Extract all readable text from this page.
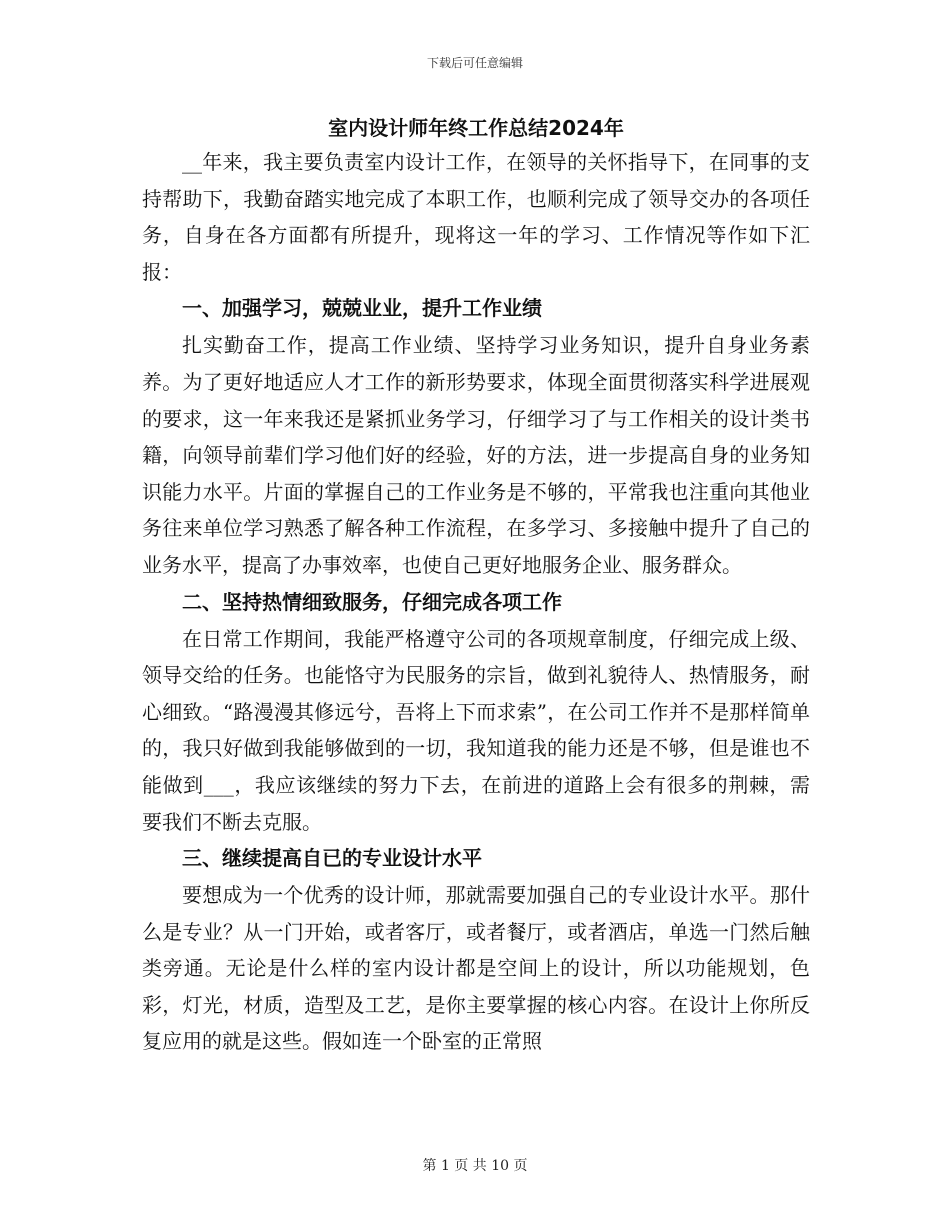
下载后可任意编辑
室内设计师年终工作总结2024年

__年来，我主要负责室内设计工作，在领导的关怀指导下，在同事的支持帮助下，我勤奋踏实地完成了本职工作，也顺利完成了领导交办的各项任务，自身在各方面都有所提升，现将这一年的学习、工作情况等作如下汇报：

一、加强学习，兢兢业业，提升工作业绩

扎实勤奋工作，提高工作业绩、坚持学习业务知识，提升自身业务素养。为了更好地适应人才工作的新形势要求，体现全面贯彻落实科学进展观的要求，这一年来我还是紧抓业务学习，仔细学习了与工作相关的设计类书籍，向领导前辈们学习他们好的经验，好的方法，进一步提高自身的业务知识能力水平。片面的掌握自己的工作业务是不够的，平常我也注重向其他业务往来单位学习熟悉了解各种工作流程，在多学习、多接触中提升了自己的业务水平，提高了办事效率，也使自己更好地服务企业、服务群众。

二、坚持热情细致服务，仔细完成各项工作

在日常工作期间，我能严格遵守公司的各项规章制度，仔细完成上级、领导交给的任务。也能恪守为民服务的宗旨，做到礼貌待人、热情服务，耐心细致。“路漫漫其修远兮，吾将上下而求索”，在公司工作并不是那样简单的，我只好做到我能够做到的一切，我知道我的能力还是不够，但是谁也不能做到___，我应该继续的努力下去，在前进的道路上会有很多的荆棘，需要我们不断去克服。

三、继续提高自已的专业设计水平

要想成为一个优秀的设计师，那就需要加强自己的专业设计水平。那什么是专业？从一门开始，或者客厅，或者餐厅，或者酒店，单选一门然后触类旁通。无论是什么样的室内设计都是空间上的设计，所以功能规划，色彩，灯光，材质，造型及工艺，是你主要掌握的核心内容。在设计上你所反复应用的就是这些。假如连一个卧室的正常照

第 1 页 共 10 页
